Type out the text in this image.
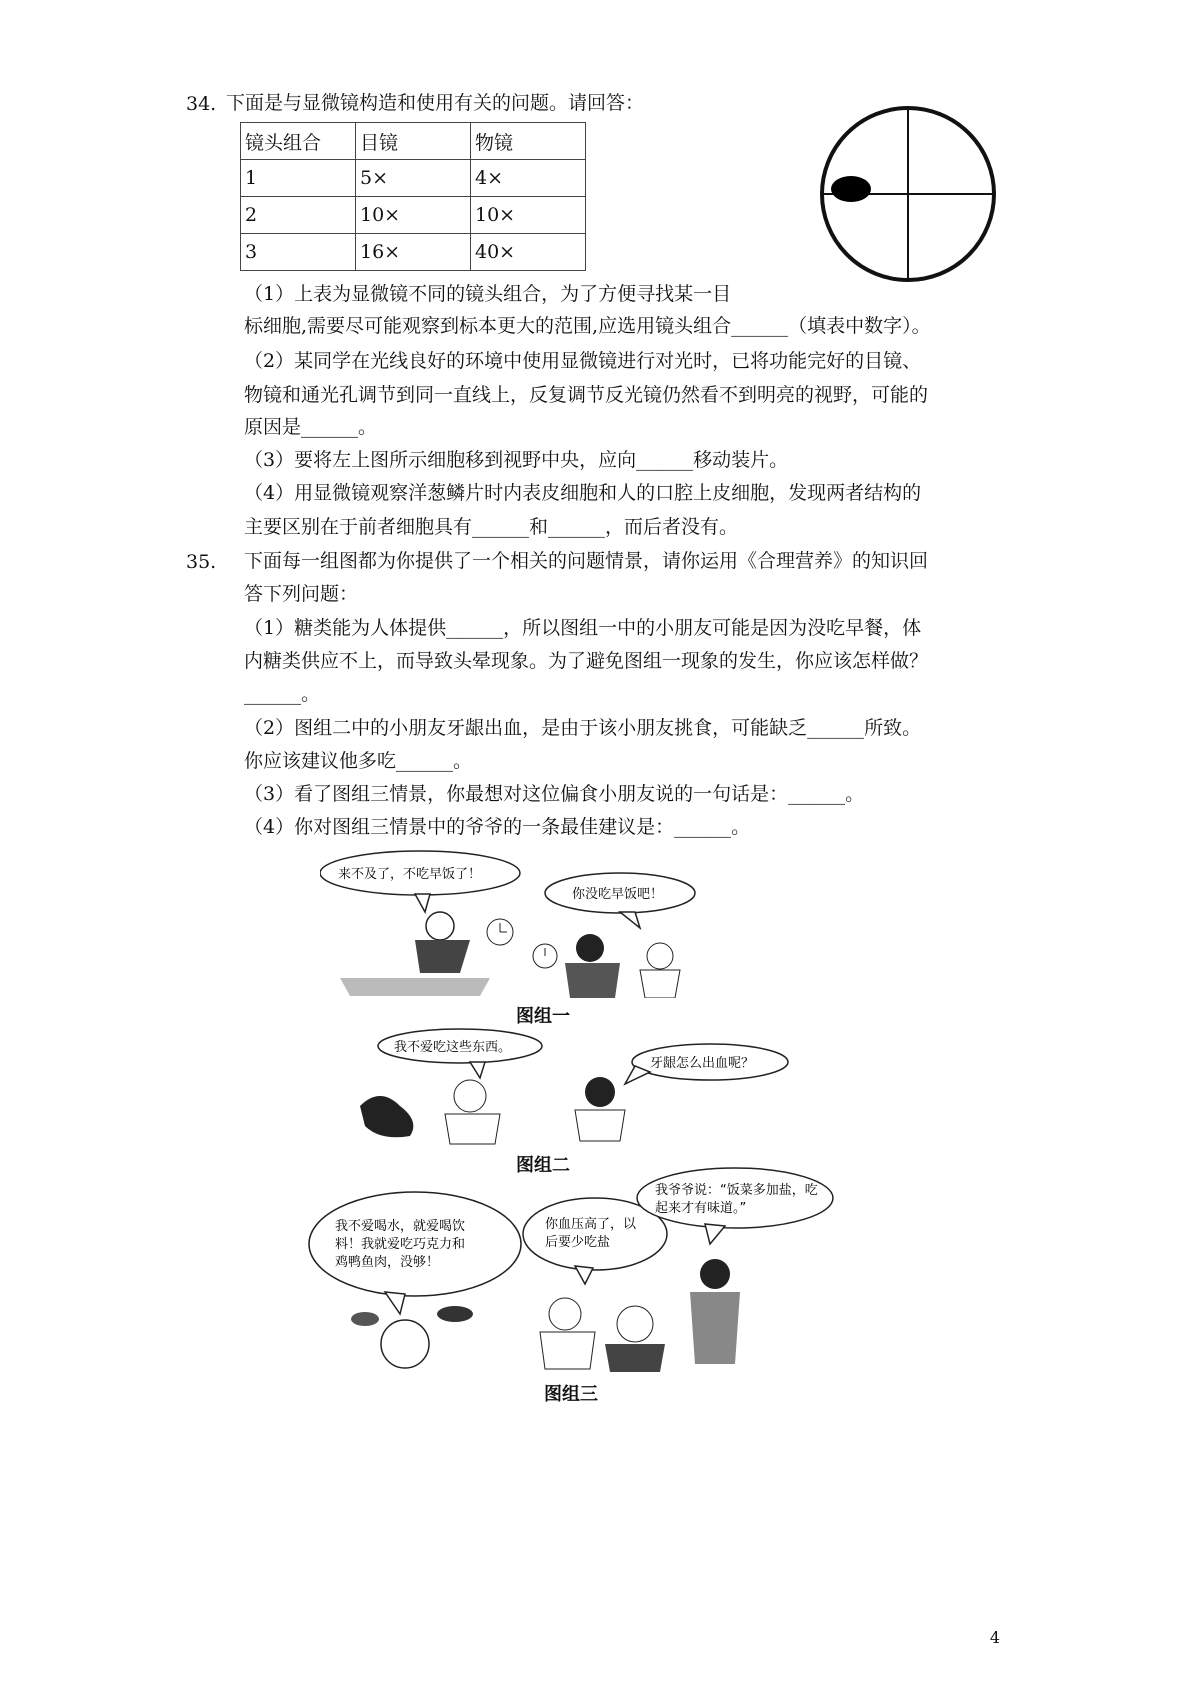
34. 下面是与显微镜构造和使用有关的问题。请回答：
镜头组合	目镜	物镜
1	5×	4×
2	10×	10×
3	16×	40×
（1）上表为显微镜不同的镜头组合，为了方便寻找某一目
标细胞,需要尽可能观察到标本更大的范围,应选用镜头组合______（填表中数字）。
（2）某同学在光线良好的环境中使用显微镜进行对光时，已将功能完好的目镜、
物镜和通光孔调节到同一直线上，反复调节反光镜仍然看不到明亮的视野，可能的
原因是______。
（3）要将左上图所示细胞移到视野中央，应向______移动装片。
（4）用显微镜观察洋葱鳞片时内表皮细胞和人的口腔上皮细胞，发现两者结构的
主要区别在于前者细胞具有______和______，而后者没有。
35. 下面每一组图都为你提供了一个相关的问题情景，请你运用《合理营养》的知识回
答下列问题：
（1）糖类能为人体提供______，所以图组一中的小朋友可能是因为没吃早餐，体
内糖类供应不上，而导致头晕现象。为了避免图组一现象的发生，你应该怎样做？
______。
（2）图组二中的小朋友牙龈出血，是由于该小朋友挑食，可能缺乏______所致。
你应该建议他多吃______。
（3）看了图组三情景，你最想对这位偏食小朋友说的一句话是：______。
（4）你对图组三情景中的爷爷的一条最佳建议是：______。
来不及了，不吃早饭了！
你没吃早饭吧！
图组一
我不爱吃这些东西。
牙龈怎么出血呢？
图组二
我不爱喝水，就爱喝饮
料！我就爱吃巧克力和
鸡鸭鱼肉，没够！
你血压高了，以
后要少吃盐
我爷爷说：“饭菜多加盐，吃
起来才有味道。”
图组三
4
